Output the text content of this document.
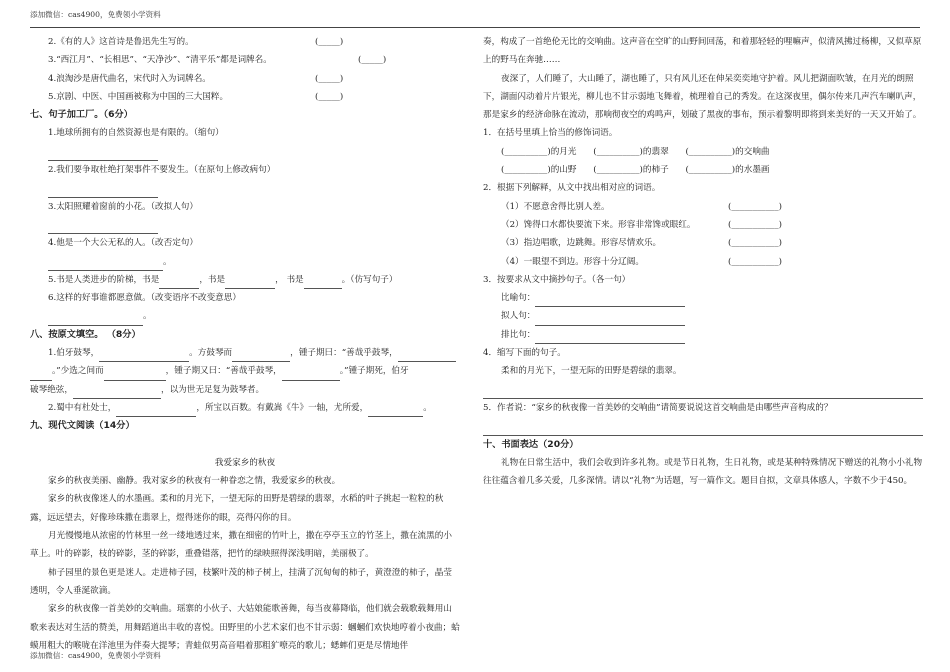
添加微信：cas4900，免费领小学资料
2.《有的人》这首诗是鲁迅先生写的。	(_____)
3.“西江月”、“长相思”、“天净沙”、“清平乐”都是词牌名。	(_____)
4.浪淘沙是唐代曲名，宋代时入为词牌名。	(_____)
5.京剧、中医、中国画被称为中国的三大国粹。	(_____)
七、句子加工厂。（6分）
1.地球所拥有的自然资源也是有限的。（缩句）
2.我们要争取杜绝打架事件不要发生。（在原句上修改病句）
3.太阳照耀着窗前的小花。（改拟人句）
4.他是一个大公无私的人。（改否定句）
。
5.书是人类进步的阶梯，书是	，书是	， 书是	。（仿写句子）
6.这样的好事谁都愿意做。（改变语序不改变意思）
。
八、按原文填空。 （8分）
1.伯牙鼓琴，	。方鼓琴而	，锺子期曰：“善哉乎鼓琴，
。”少选之间而	，锺子期又曰：“善哉乎鼓琴，	。”锺子期死，伯牙
破琴绝弦，	，以为世无足复为鼓琴者。
2.蜀中有杜处士，	，所宝以百数。有戴嵩《牛》一轴，尤所爱，	。
九、现代文阅读（14分）
我爱家乡的秋夜
家乡的秋夜美丽、幽静。我对家乡的秋夜有一种眷恋之情，我爱家乡的秋夜。
家乡的秋夜像迷人的水墨画。柔和的月光下，一望无际的田野是碧绿的翡翠，水稻的叶子挑起一粒粒的秋露，远远望去，好像珍珠撒在翡翠上，煜得迷你的眼，亮得闪你的目。
月光慢慢地从浓密的竹林里一丝一缕地透过来，撒在细密的竹叶上，撒在亭亭玉立的竹茎上，撒在流黑的小草上。叶的碎影，枝的碎影，茎的碎影，重叠错落，把竹的绿映照得深浅明暗，美丽极了。
柿子园里的景色更是迷人。走进柿子园，枝繁叶茂的柿子树上，挂满了沉甸甸的柿子，黄澄澄的柿子，晶莹透明，令人垂涎欲滴。
家乡的秋夜像一首美妙的交响曲。瑶寨的小伙子、大姑娘能歌善舞，每当夜幕降临，他们就会载歌载舞用山歌来表达对生活的赞美，用舞蹈道出丰收的喜悦。田野里的小艺术家们也不甘示弱：蟈蟈们欢快地哼着小夜曲；蛤蟆用粗大的喉咙在洋池里为伴奏大提琴；青蛙似男高音唱着那粗犷嘹亮的歌儿；蟋蟀们更是尽情地伴
奏，构成了一首绝伦无比的交响曲。这声音在空旷的山野间回荡，和着那轻轻的哩嘛声，似清风拂过杨柳，又似草原上的野马在奔驰……
夜深了，人们睡了，大山睡了，湖也睡了，只有风儿还在伸呆奕奕地守护着。风儿把湖面吹皱，在月光的朗照下，湖面闪动着片片银光，柳儿也不甘示弱地飞舞着，梳理着自己的秀发。在这深夜里，偶尔传来几声汽车喇叭声，那是家乡的经济命脉在流动，那响彻夜空的鸡鸣声，划破了黑夜的事布，预示着黎明即将到来美好的一天又开始了。
1．在括号里填上恰当的修饰词语。
(__________)的月光 (__________)的翡翠 (__________)的交响曲
(__________)的山野 (__________)的柿子 (__________)的水墨画
2．根据下列解释，从文中找出相对应的词语。
（1）不愿意舍得比别人差。	(___________)
（2）馋得口水都快要流下来。形容非常馋或眼红。	(___________)
（3）指边唱歌，边跳舞。形容尽情欢乐。	(___________)
（4）一眼望不到边。形容十分辽阔。	(___________)
3．按要求从文中摘抄句子。（各一句）
比喻句：
拟人句：
排比句：
4．缩写下面的句子。
柔和的月光下，一望无际的田野是碧绿的翡翠。
5．作者说：“家乡的秋夜像一首美妙的交响曲”请简要说说这首交响曲是由哪些声音构成的？
十、书面表达（20分）
礼物在日常生活中，我们会收到许多礼物。或是节日礼物，生日礼物，或是某种特殊情况下赠送的礼物小小礼物往往蕴含着几多关爱，几多深情。请以“礼物”为话题，写一篇作文。题目自拟，文章具体感人，字数不少于450。
添加微信：cas4900，免费领小学资料
